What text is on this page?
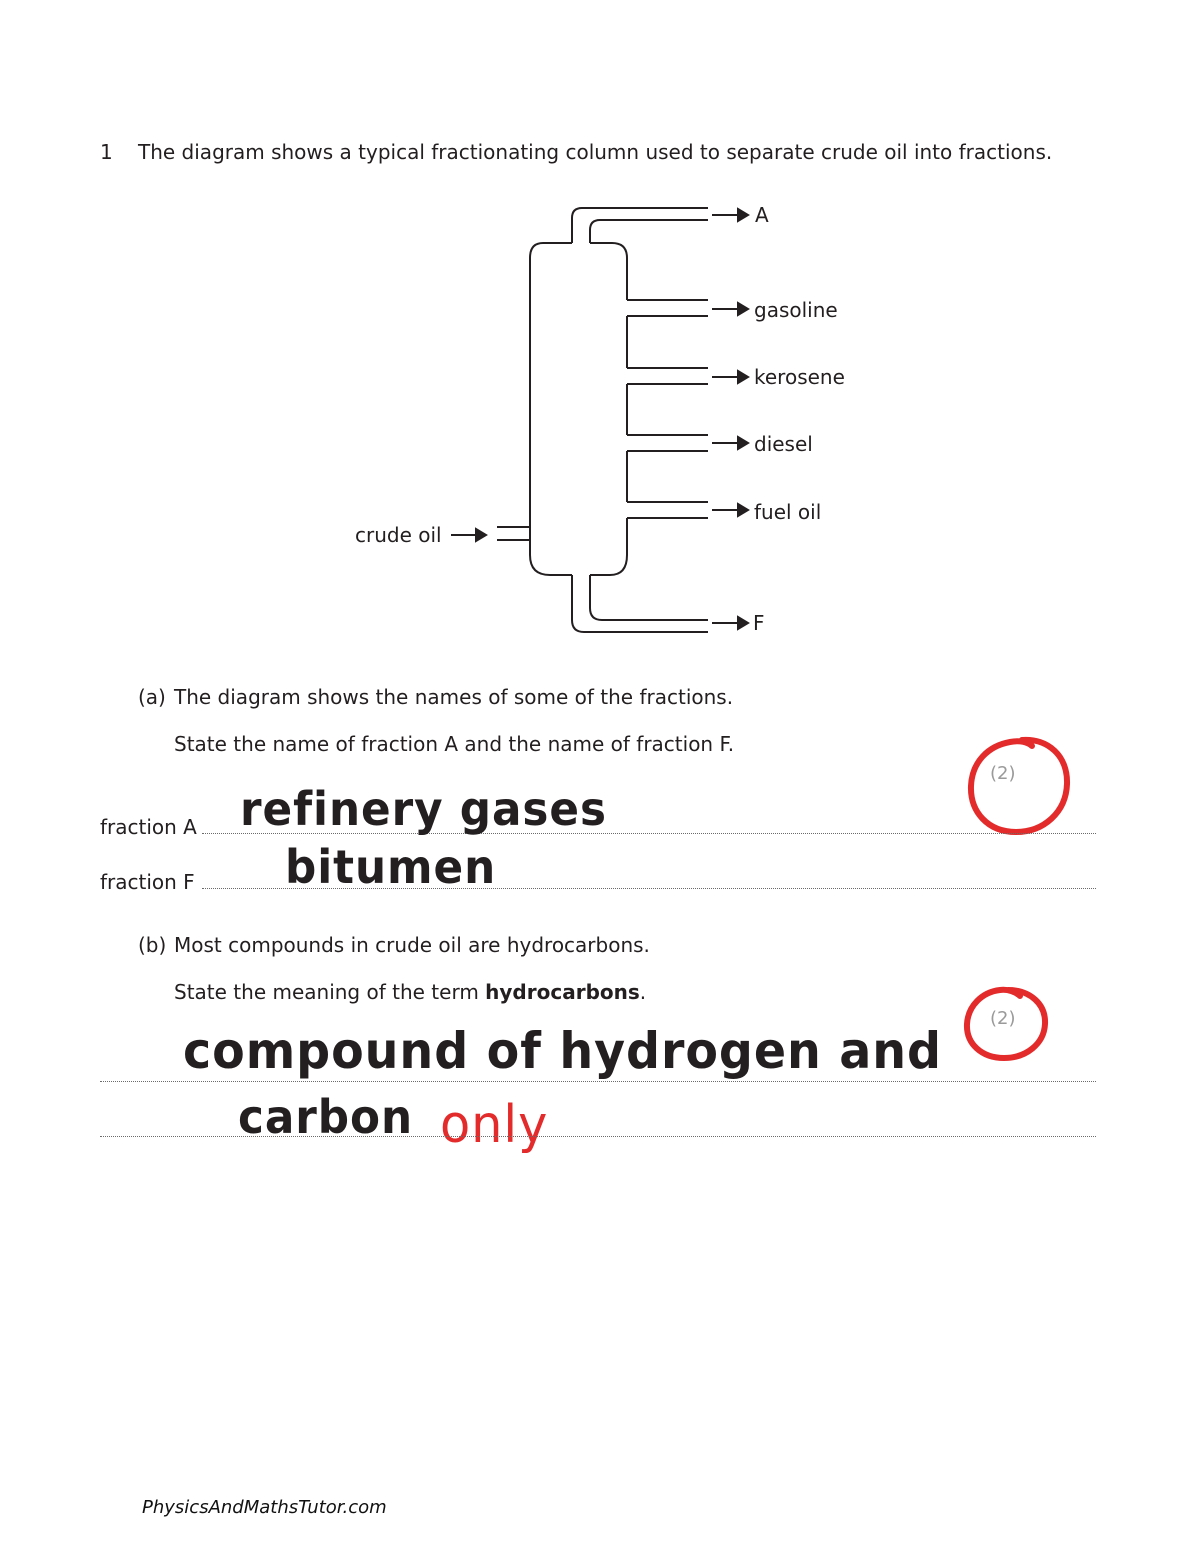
1 The diagram shows a typical fractionating column used to separate crude oil into fractions.
A
gasoline
kerosene
diesel
fuel oil
F
crude oil
(a) The diagram shows the names of some of the fractions.
State the name of fraction A and the name of fraction F.
(2)
fraction A refinery gases
fraction F bitumen
(b) Most compounds in crude oil are hydrocarbons.
State the meaning of the term hydrocarbons.
(2)
compound of hydrogen and
carbon only
PhysicsAndMathsTutor.com
